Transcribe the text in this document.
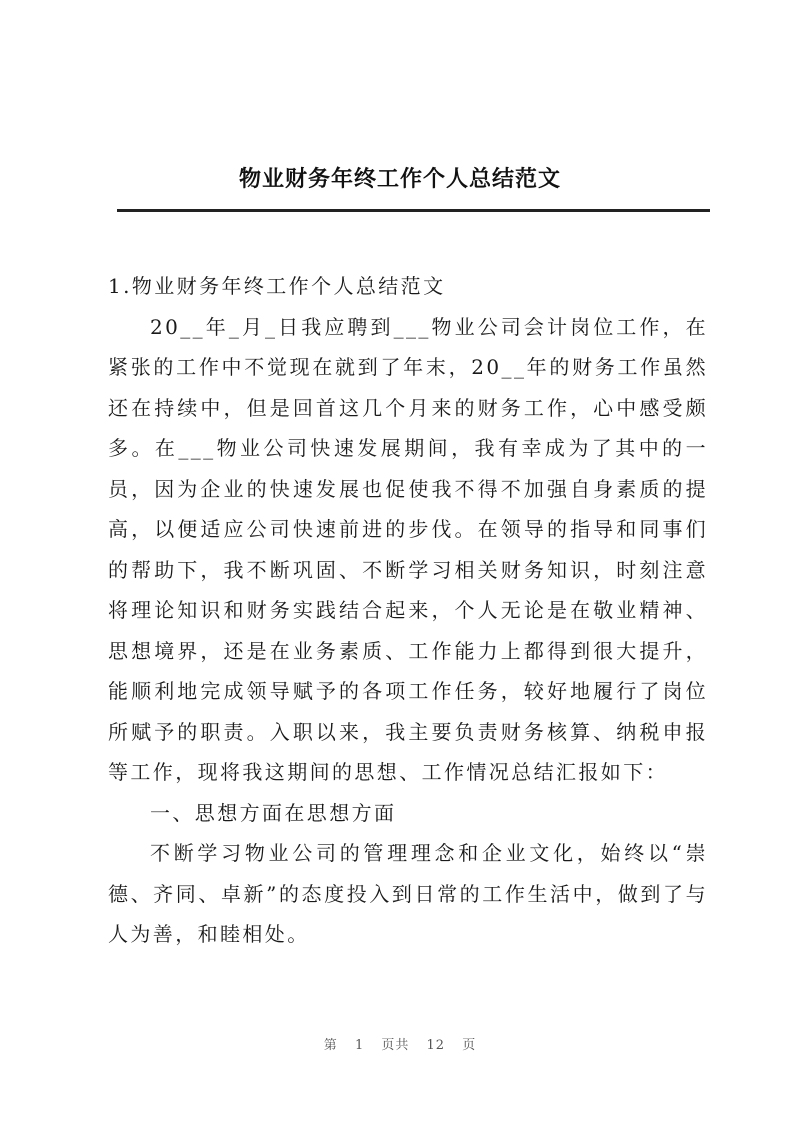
物业财务年终工作个人总结范文

1.物业财务年终工作个人总结范文

20__年_月_日我应聘到___物业公司会计岗位工作，在紧张的工作中不觉现在就到了年末，20__年的财务工作虽然还在持续中，但是回首这几个月来的财务工作，心中感受颇多。在___物业公司快速发展期间，我有幸成为了其中的一员，因为企业的快速发展也促使我不得不加强自身素质的提高，以便适应公司快速前进的步伐。在领导的指导和同事们的帮助下，我不断巩固、不断学习相关财务知识，时刻注意将理论知识和财务实践结合起来，个人无论是在敬业精神、思想境界，还是在业务素质、工作能力上都得到很大提升，能顺利地完成领导赋予的各项工作任务，较好地履行了岗位所赋予的职责。入职以来，我主要负责财务核算、纳税申报等工作，现将我这期间的思想、工作情况总结汇报如下：

一、思想方面在思想方面

不断学习物业公司的管理理念和企业文化，始终以“崇德、齐同、卓新”的态度投入到日常的工作生活中，做到了与人为善，和睦相处。

第 1 页共 12 页
